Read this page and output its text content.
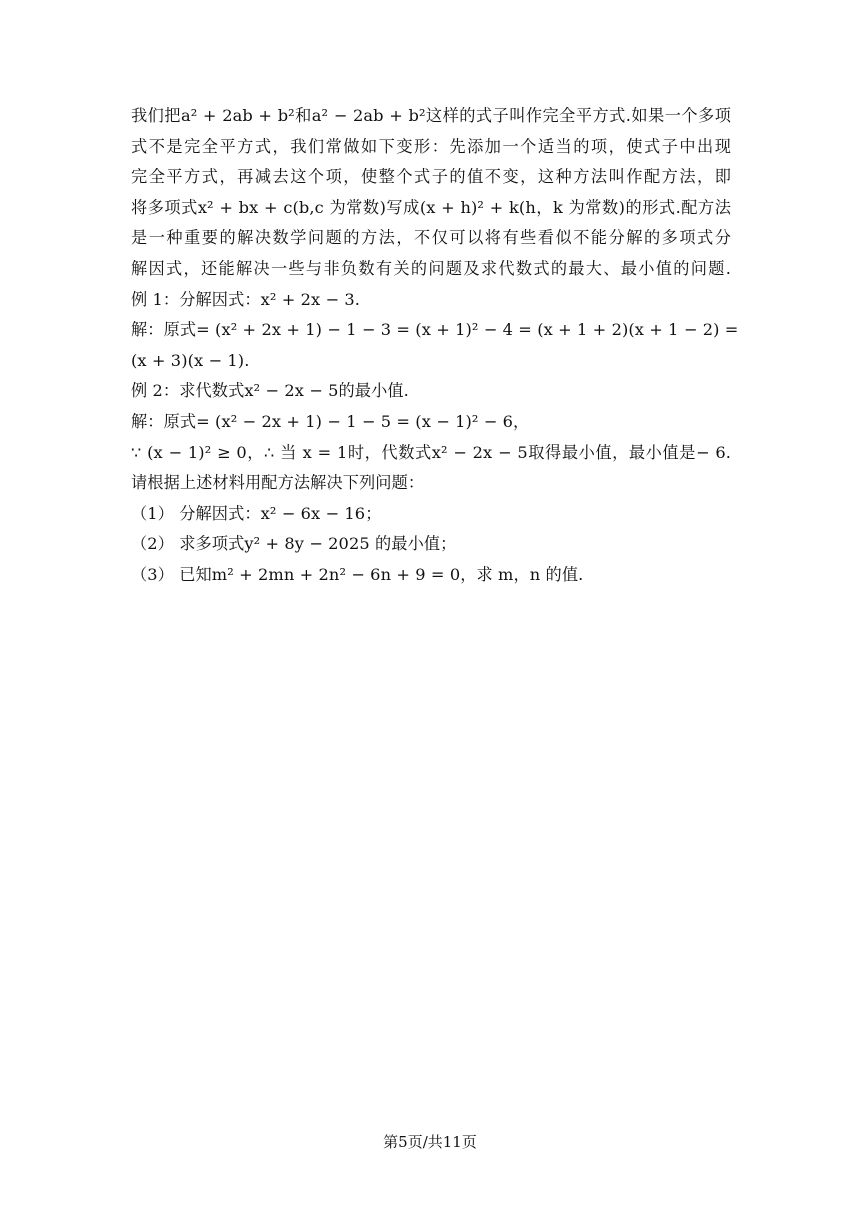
我们把a² + 2ab + b²和a² − 2ab + b²这样的式子叫作完全平方式.如果一个多项
式不是完全平方式，我们常做如下变形：先添加一个适当的项，使式子中出现
完全平方式，再减去这个项，使整个式子的值不变，这种方法叫作配方法，即
将多项式x² + bx + c(b,c 为常数)写成(x + h)² + k(h，k 为常数)的形式.配方法
是一种重要的解决数学问题的方法，不仅可以将有些看似不能分解的多项式分
解因式，还能解决一些与非负数有关的问题及求代数式的最大、最小值的问题.
例 1：分解因式：x² + 2x − 3.
解：原式= (x² + 2x + 1) − 1 − 3 = (x + 1)² − 4 = (x + 1 + 2)(x + 1 − 2) =
(x + 3)(x − 1).
例 2：求代数式x² − 2x − 5的最小值.
解：原式= (x² − 2x + 1) − 1 − 5 = (x − 1)² − 6，
∵ (x − 1)² ≥ 0，∴ 当 x = 1时，代数式x² − 2x − 5取得最小值，最小值是− 6.
请根据上述材料用配方法解决下列问题：
（1） 分解因式：x² − 6x − 16；
（2） 求多项式y² + 8y − 2025 的最小值；
（3） 已知m² + 2mn + 2n² − 6n + 9 = 0，求 m，n 的值.
第5页/共11页
